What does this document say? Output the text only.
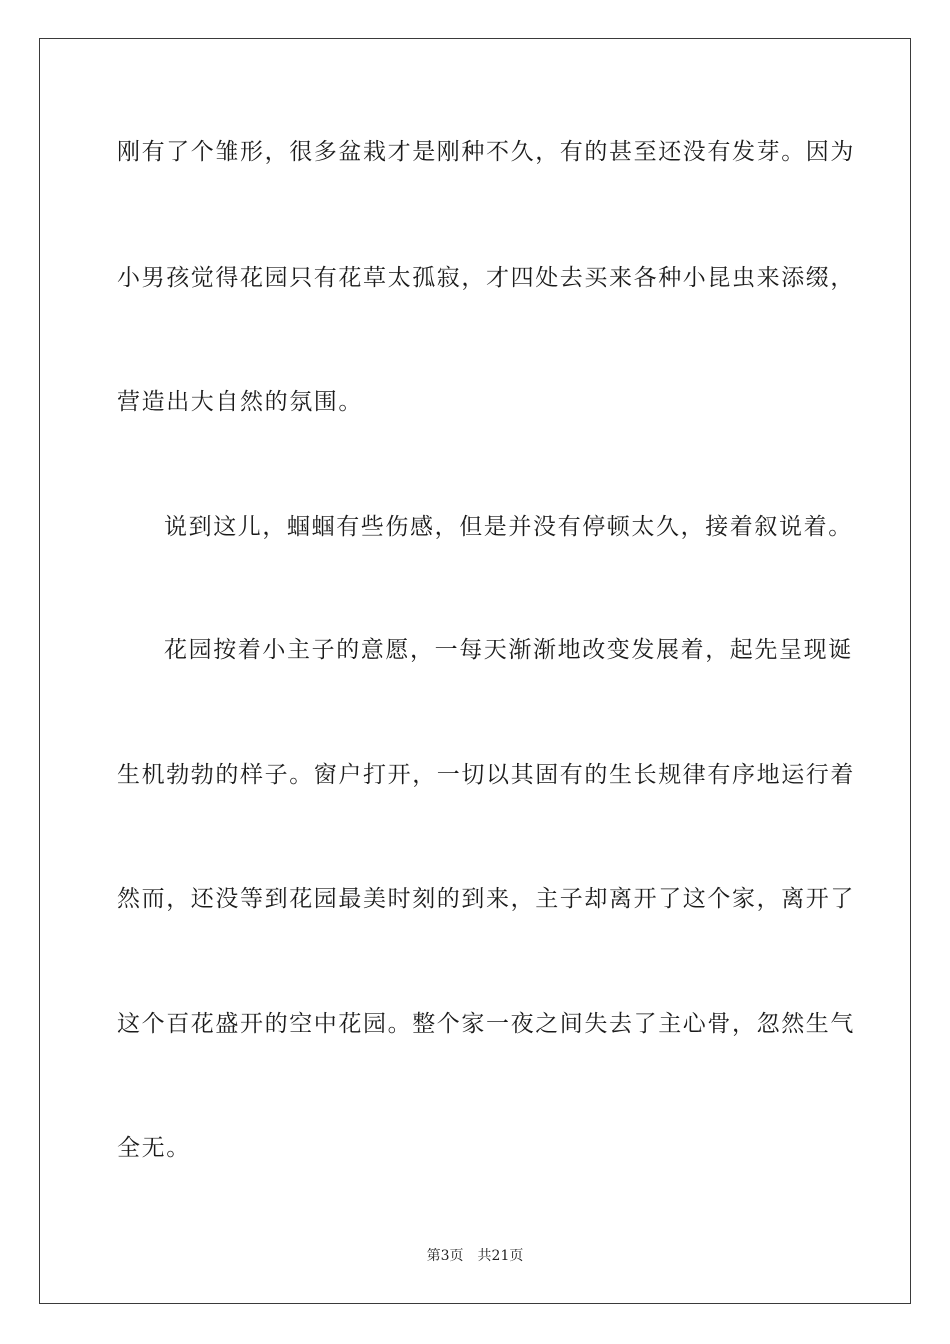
刚有了个雏形，很多盆栽才是刚种不久，有的甚至还没有发芽。因为
小男孩觉得花园只有花草太孤寂，才四处去买来各种小昆虫来添缀，
营造出大自然的氛围。
说到这儿，蝈蝈有些伤感，但是并没有停顿太久，接着叙说着。
花园按着小主子的意愿，一每天渐渐地改变发展着，起先呈现诞
生机勃勃的样子。窗户打开，一切以其固有的生长规律有序地运行着
然而，还没等到花园最美时刻的到来，主子却离开了这个家，离开了
这个百花盛开的空中花园。整个家一夜之间失去了主心骨，忽然生气
全无。
第3页 共21页
